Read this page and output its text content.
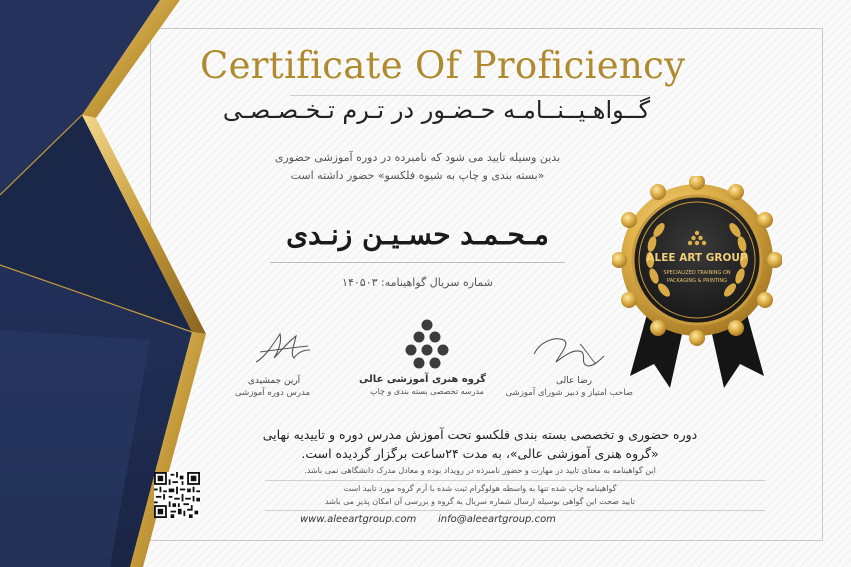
Certificate Of Proficiency
گــواهـیــنــامـه حـضـور در تـرم تـخـصـصـی
بدین وسیله تایید می شود که نامبرده در دوره آموزشی حضوری
«بسته بندی و چاپ به شیوه فلکسو» حضور داشته است
مـحـمـد حسـیـن زنـدی
شماره سریال گواهینامه: ۱۴۰۵۰۳
آرین جمشیدی
مدرس دوره آموزشی
گروه هنری آموزشی عالی
مدرسه تخصصی بسته بندی و چاپ
رضا عالی
صاحب امتیاز و دبیر شورای آموزشی
دوره حضوری و تخصصی بسته بندی فلکسو تحت آموزش مدرس دوره و تاییدیه نهایی
«گروه هنری آموزشی عالی»، به مدت ۲۴ساعت برگزار گردیده است.
این گواهینامه به معنای تایید در مهارت و حضور نامبرده در رویداد بوده و معادل مدرک دانشگاهی نمی باشد.
گواهینامه چاپ شده تنها به واسطه هولوگرام ثبت شده با آرم گروه مورد تایید است
تایید صحت این گواهی بوسیله ارسال شماره سریال به گروه و بررسی آن امکان پذیر می باشد
www.aleeartgroup.com info@aleeartgroup.com
ALEE ART GROUP
SPECIALIZED TRAINING ON
PACKAGING & PRINTING
